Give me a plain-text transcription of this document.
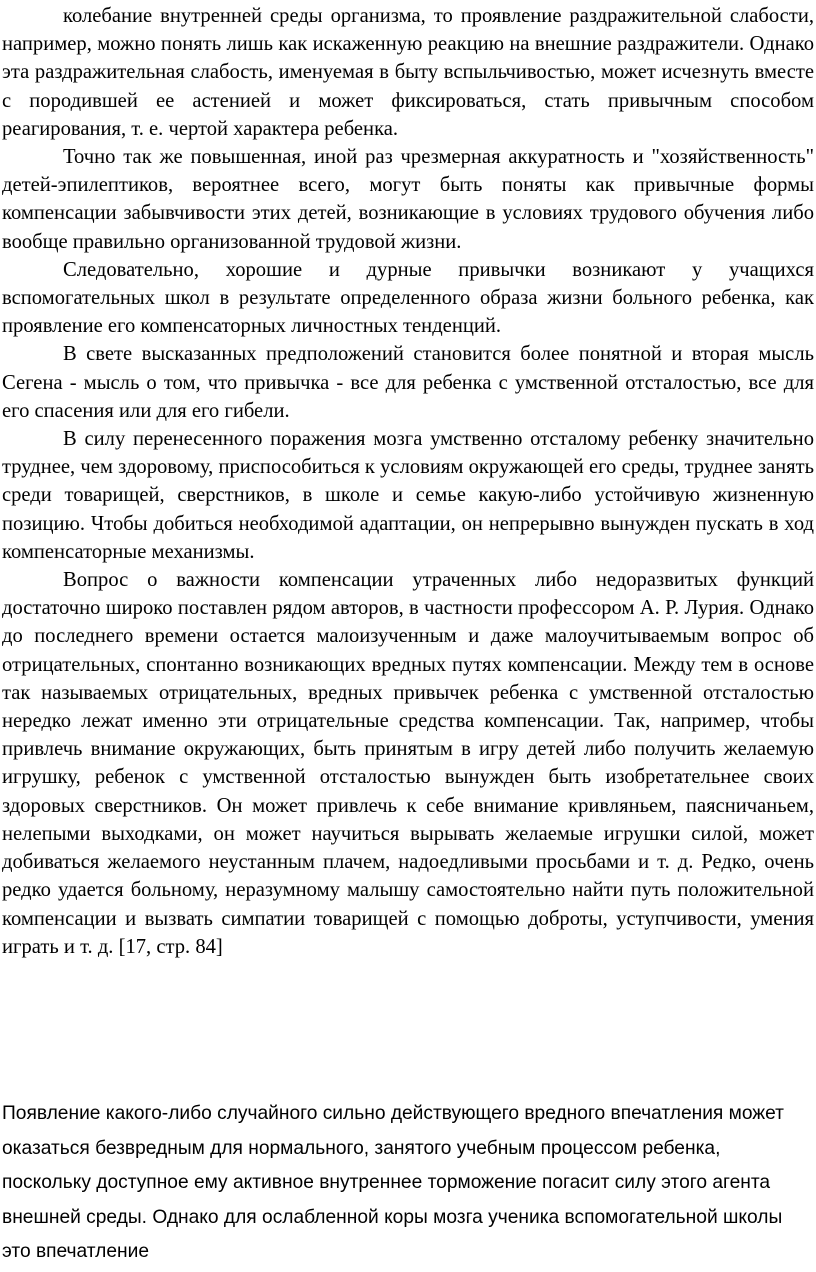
колебание внутренней среды организма, то проявление раздражительной слабости, например, можно понять лишь как искаженную реакцию на внешние раздражители. Однако эта раздражительная слабость, именуемая в быту вспыльчивостью, может исчезнуть вместе с породившей ее астенией и может фиксироваться, стать привычным способом реагирования, т. е. чертой характера ребенка.

Точно так же повышенная, иной раз чрезмерная аккуратность и "хозяйственность" детей-эпилептиков, вероятнее всего, могут быть поняты как привычные формы компенсации забывчивости этих детей, возникающие в условиях трудового обучения либо вообще правильно организованной трудовой жизни.

Следовательно, хорошие и дурные привычки возникают у учащихся вспомогательных школ в результате определенного образа жизни больного ребенка, как проявление его компенсаторных личностных тенденций.

В свете высказанных предположений становится более понятной и вторая мысль Сегена - мысль о том, что привычка - все для ребенка с умственной отсталостью, все для его спасения или для его гибели.

В силу перенесенного поражения мозга умственно отсталому ребенку значительно труднее, чем здоровому, приспособиться к условиям окружающей его среды, труднее занять среди товарищей, сверстников, в школе и семье какую-либо устойчивую жизненную позицию. Чтобы добиться необходимой адаптации, он непрерывно вынужден пускать в ход компенсаторные механизмы.

Вопрос о важности компенсации утраченных либо недоразвитых функций достаточно широко поставлен рядом авторов, в частности профессором А. Р. Лурия. Однако до последнего времени остается малоизученным и даже малоучитываемым вопрос об отрицательных, спонтанно возникающих вредных путях компенсации. Между тем в основе так называемых отрицательных, вредных привычек ребенка с умственной отсталостью нередко лежат именно эти отрицательные средства компенсации. Так, например, чтобы привлечь внимание окружающих, быть принятым в игру детей либо получить желаемую игрушку, ребенок с умственной отсталостью вынужден быть изобретательнее своих здоровых сверстников. Он может привлечь к себе внимание кривляньем, паясничаньем, нелепыми выходками, он может научиться вырывать желаемые игрушки силой, может добиваться желаемого неустанным плачем, надоедливыми просьбами и т. д. Редко, очень редко удается больному, неразумному малышу самостоятельно найти путь положительной компенсации и вызвать симпатии товарищей с помощью доброты, уступчивости, умения играть и т. д. [17, стр. 84]

Появление какого-либо случайного сильно действующего вредного впечатления может оказаться безвредным для нормального, занятого учебным процессом ребенка, поскольку доступное ему активное внутреннее торможение погасит силу этого агента внешней среды. Однако для ослабленной коры мозга ученика вспомогательной школы это впечатление
